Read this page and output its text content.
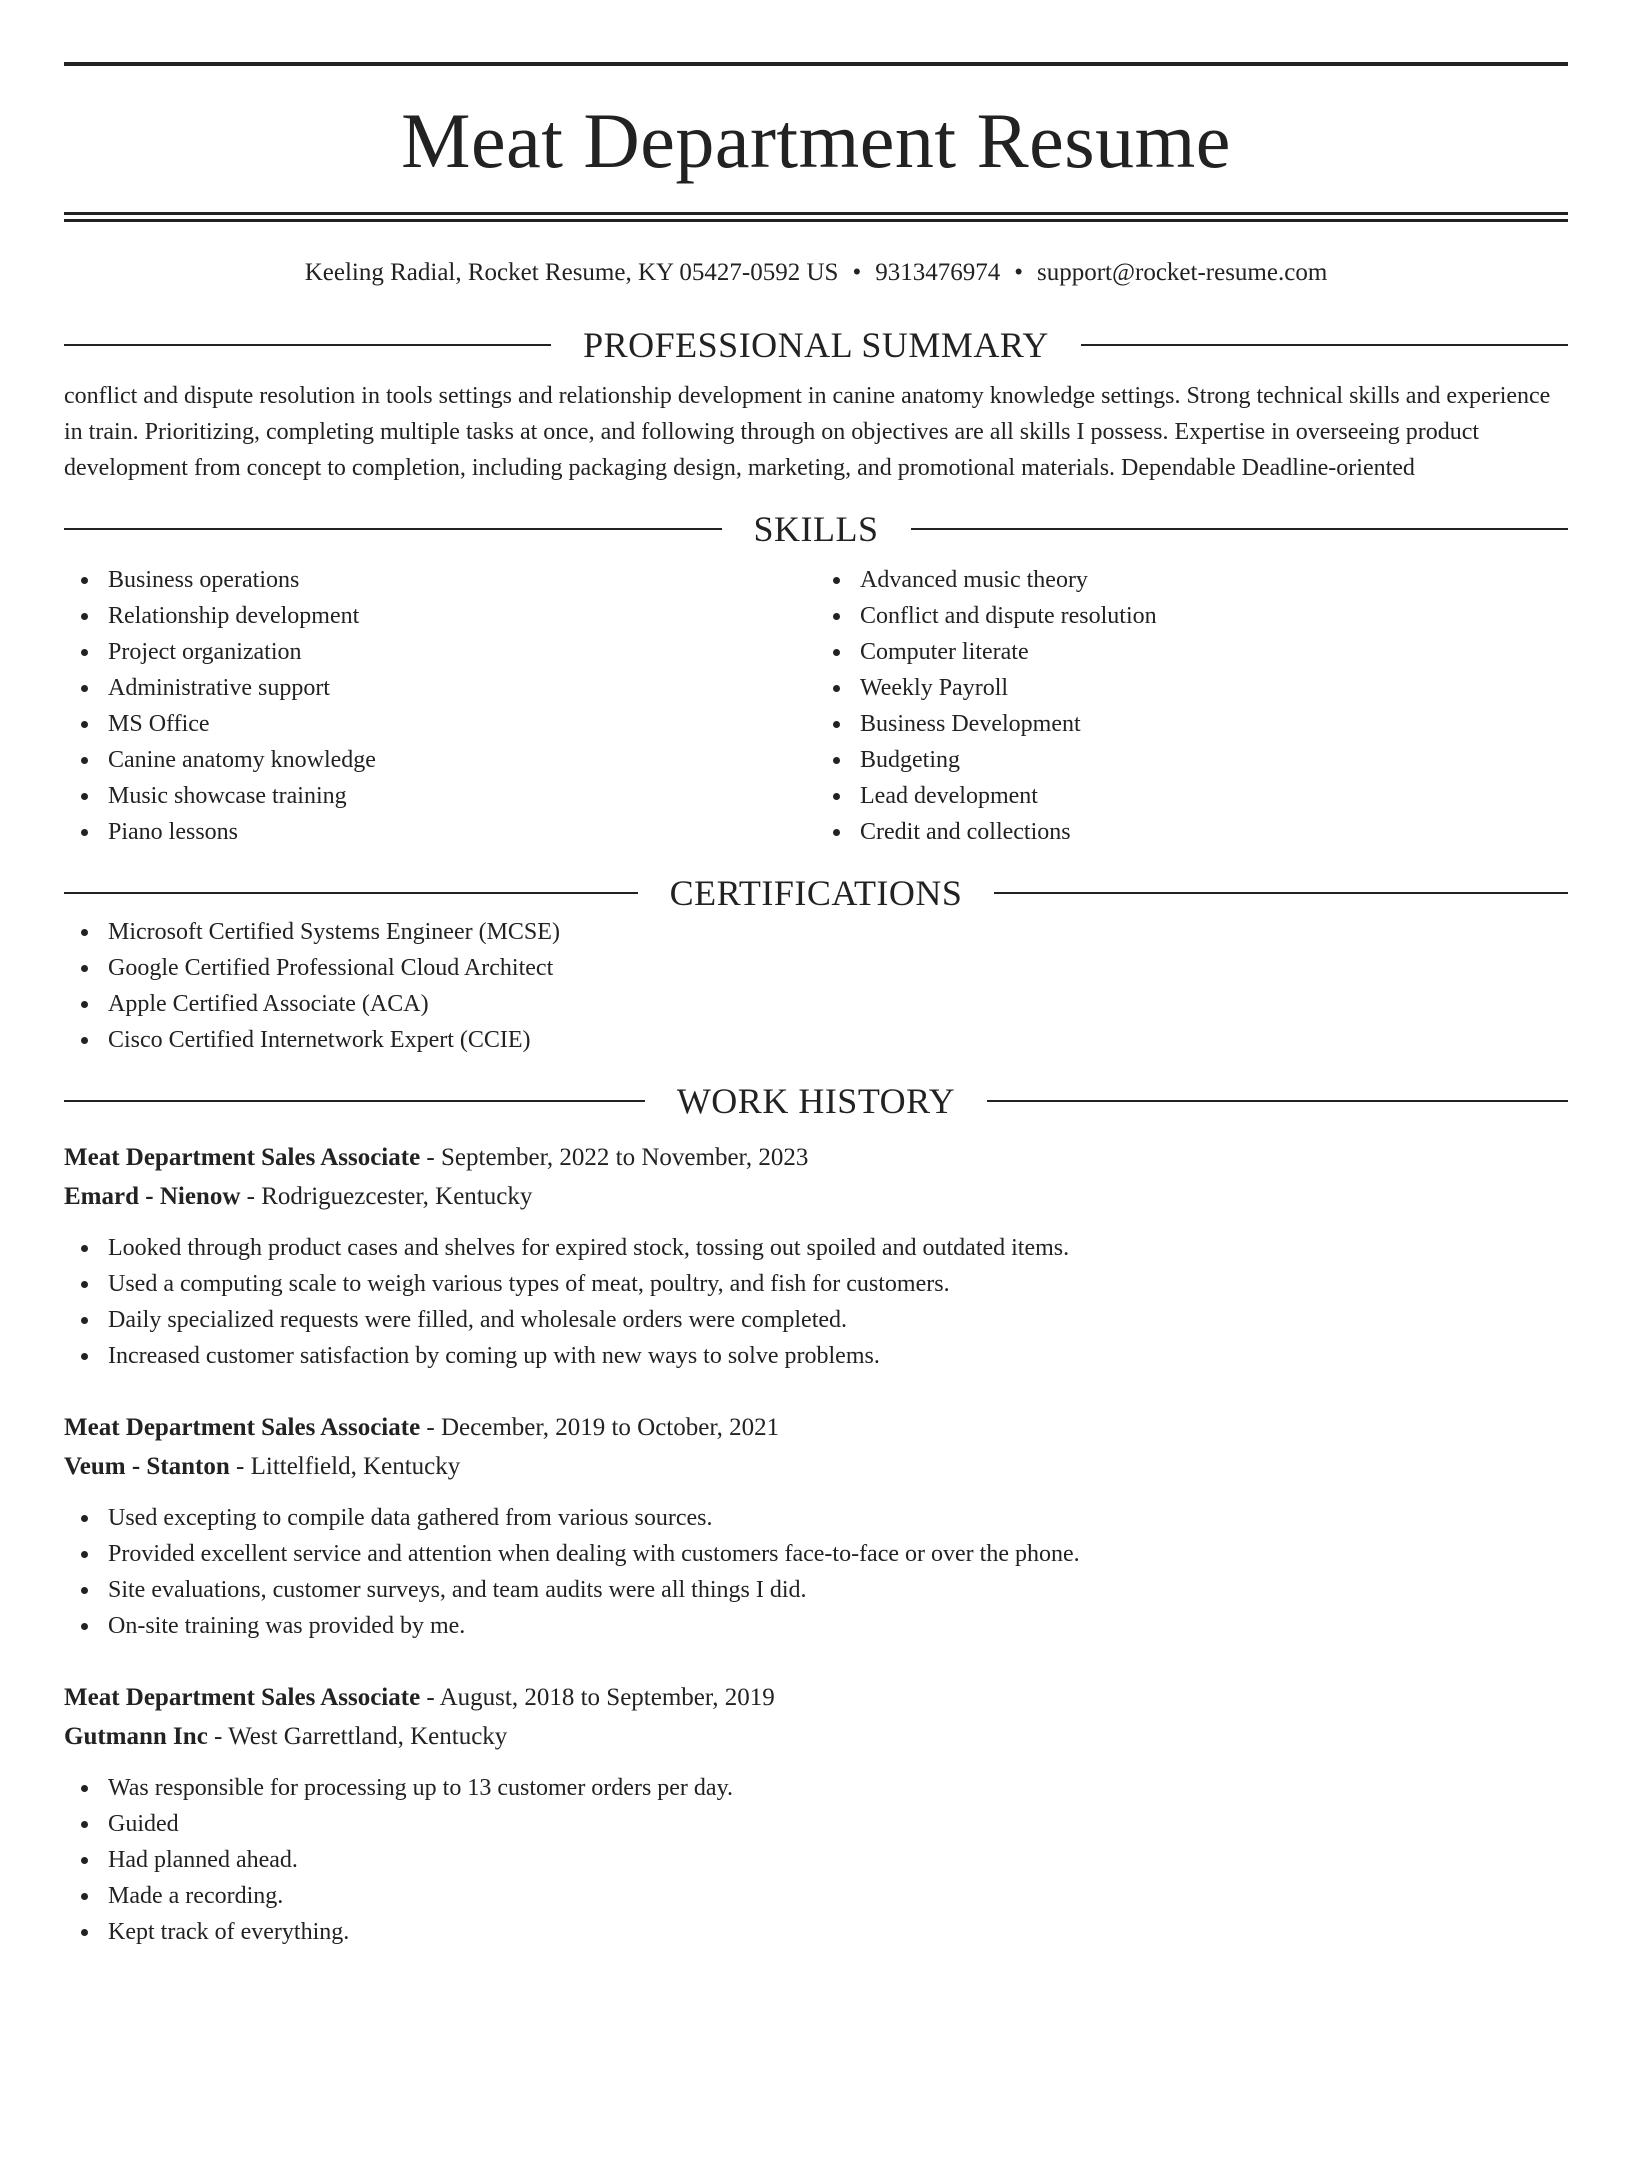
Meat Department Resume
Keeling Radial, Rocket Resume, KY 05427-0592 US • 9313476974 • support@rocket-resume.com
PROFESSIONAL SUMMARY
conflict and dispute resolution in tools settings and relationship development in canine anatomy knowledge settings. Strong technical skills and experience in train. Prioritizing, completing multiple tasks at once, and following through on objectives are all skills I possess. Expertise in overseeing product development from concept to completion, including packaging design, marketing, and promotional materials. Dependable Deadline-oriented
SKILLS
Business operations
Relationship development
Project organization
Administrative support
MS Office
Canine anatomy knowledge
Music showcase training
Piano lessons
Advanced music theory
Conflict and dispute resolution
Computer literate
Weekly Payroll
Business Development
Budgeting
Lead development
Credit and collections
CERTIFICATIONS
Microsoft Certified Systems Engineer (MCSE)
Google Certified Professional Cloud Architect
Apple Certified Associate (ACA)
Cisco Certified Internetwork Expert (CCIE)
WORK HISTORY
Meat Department Sales Associate - September, 2022 to November, 2023
Emard - Nienow - Rodriguezcester, Kentucky
Looked through product cases and shelves for expired stock, tossing out spoiled and outdated items.
Used a computing scale to weigh various types of meat, poultry, and fish for customers.
Daily specialized requests were filled, and wholesale orders were completed.
Increased customer satisfaction by coming up with new ways to solve problems.
Meat Department Sales Associate - December, 2019 to October, 2021
Veum - Stanton - Littelfield, Kentucky
Used excepting to compile data gathered from various sources.
Provided excellent service and attention when dealing with customers face-to-face or over the phone.
Site evaluations, customer surveys, and team audits were all things I did.
On-site training was provided by me.
Meat Department Sales Associate - August, 2018 to September, 2019
Gutmann Inc - West Garrettland, Kentucky
Was responsible for processing up to 13 customer orders per day.
Guided
Had planned ahead.
Made a recording.
Kept track of everything.
